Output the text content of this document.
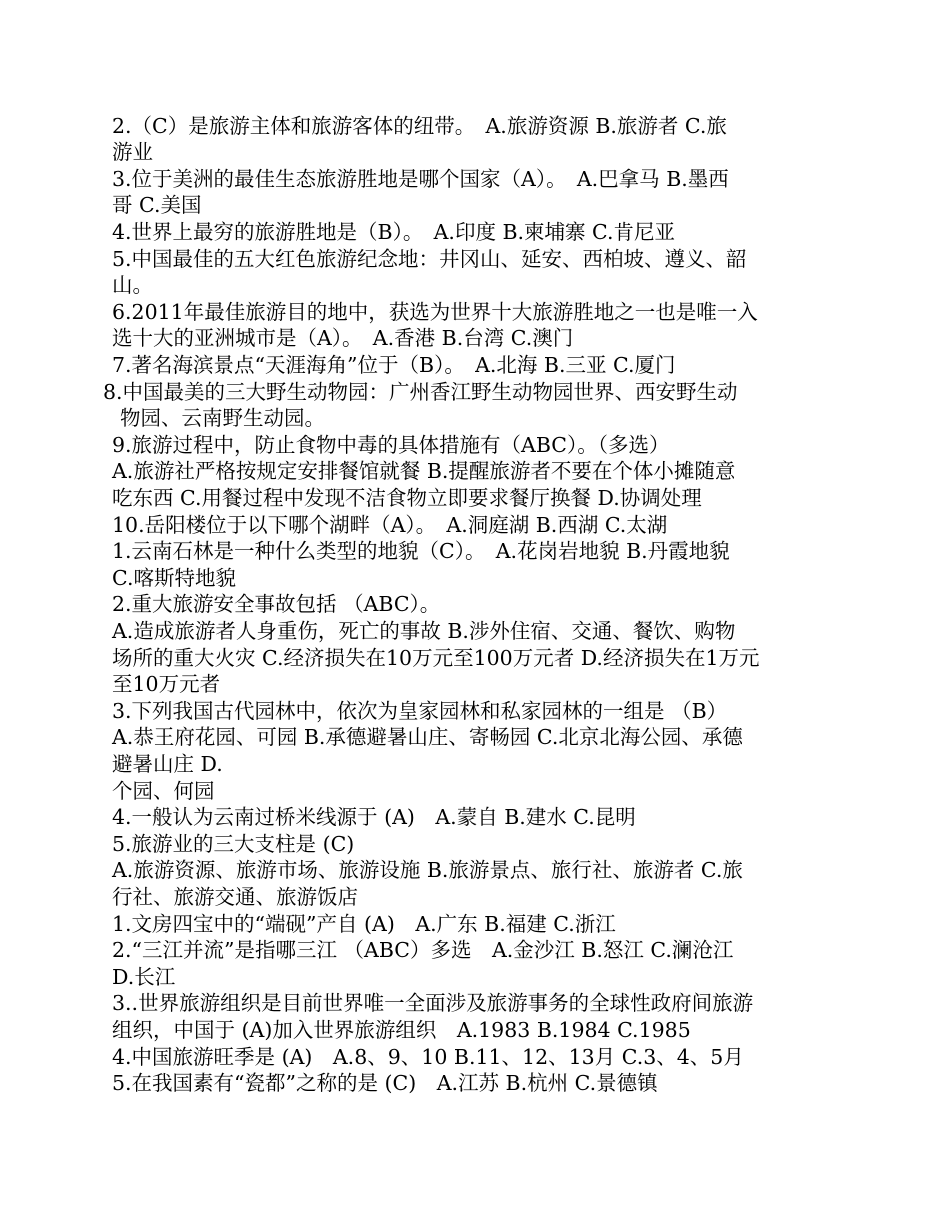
2.（C）是旅游主体和旅游客体的纽带。　A.旅游资源 B.旅游者 C.旅
游业
3.位于美洲的最佳生态旅游胜地是哪个国家（A）。　A.巴拿马 B.墨西
哥 C.美国
4.世界上最穷的旅游胜地是（B）。　A.印度 B.柬埔寨 C.肯尼亚
5.中国最佳的五大红色旅游纪念地：井冈山、延安、西柏坡、遵义、韶
山。
6.2011年最佳旅游目的地中，获选为世界十大旅游胜地之一也是唯一入
选十大的亚洲城市是（A）。　A.香港 B.台湾 C.澳门
7.著名海滨景点“天涯海角”位于（B）。　A.北海 B.三亚 C.厦门
8.中国最美的三大野生动物园：广州香江野生动物园世界、西安野生动
物园、云南野生动园。
9.旅游过程中，防止食物中毒的具体措施有（ABC）。（多选）
A.旅游社严格按规定安排餐馆就餐 B.提醒旅游者不要在个体小摊随意
吃东西 C.用餐过程中发现不洁食物立即要求餐厅换餐 D.协调处理
10.岳阳楼位于以下哪个湖畔（A）。　A.洞庭湖 B.西湖 C.太湖
1.云南石林是一种什么类型的地貌（C）。　A.花岗岩地貌 B.丹霞地貌
C.喀斯特地貌
2.重大旅游安全事故包括 （ABC）。
A.造成旅游者人身重伤，死亡的事故 B.涉外住宿、交通、餐饮、购物
场所的重大火灾 C.经济损失在10万元至100万元者 D.经济损失在1万元
至10万元者
3.下列我国古代园林中，依次为皇家园林和私家园林的一组是 （B）
A.恭王府花园、可园 B.承德避暑山庄、寄畅园 C.北京北海公园、承德
避暑山庄 D.
个园、何园
4.一般认为云南过桥米线源于 (A)　A.蒙自 B.建水 C.昆明
5.旅游业的三大支柱是 (C)
A.旅游资源、旅游市场、旅游设施 B.旅游景点、旅行社、旅游者 C.旅
行社、旅游交通、旅游饭店
1.文房四宝中的“端砚”产自 (A)　A.广东 B.福建 C.浙江
2.“三江并流”是指哪三江 （ABC）多选　A.金沙江 B.怒江 C.澜沧江
D.长江
3..世界旅游组织是目前世界唯一全面涉及旅游事务的全球性政府间旅游
组织，中国于 (A)加入世界旅游组织　A.1983 B.1984 C.1985
4.中国旅游旺季是 (A)　A.8、9、10 B.11、12、13月 C.3、4、5月
5.在我国素有“瓷都”之称的是 (C)　A.江苏 B.杭州 C.景德镇
